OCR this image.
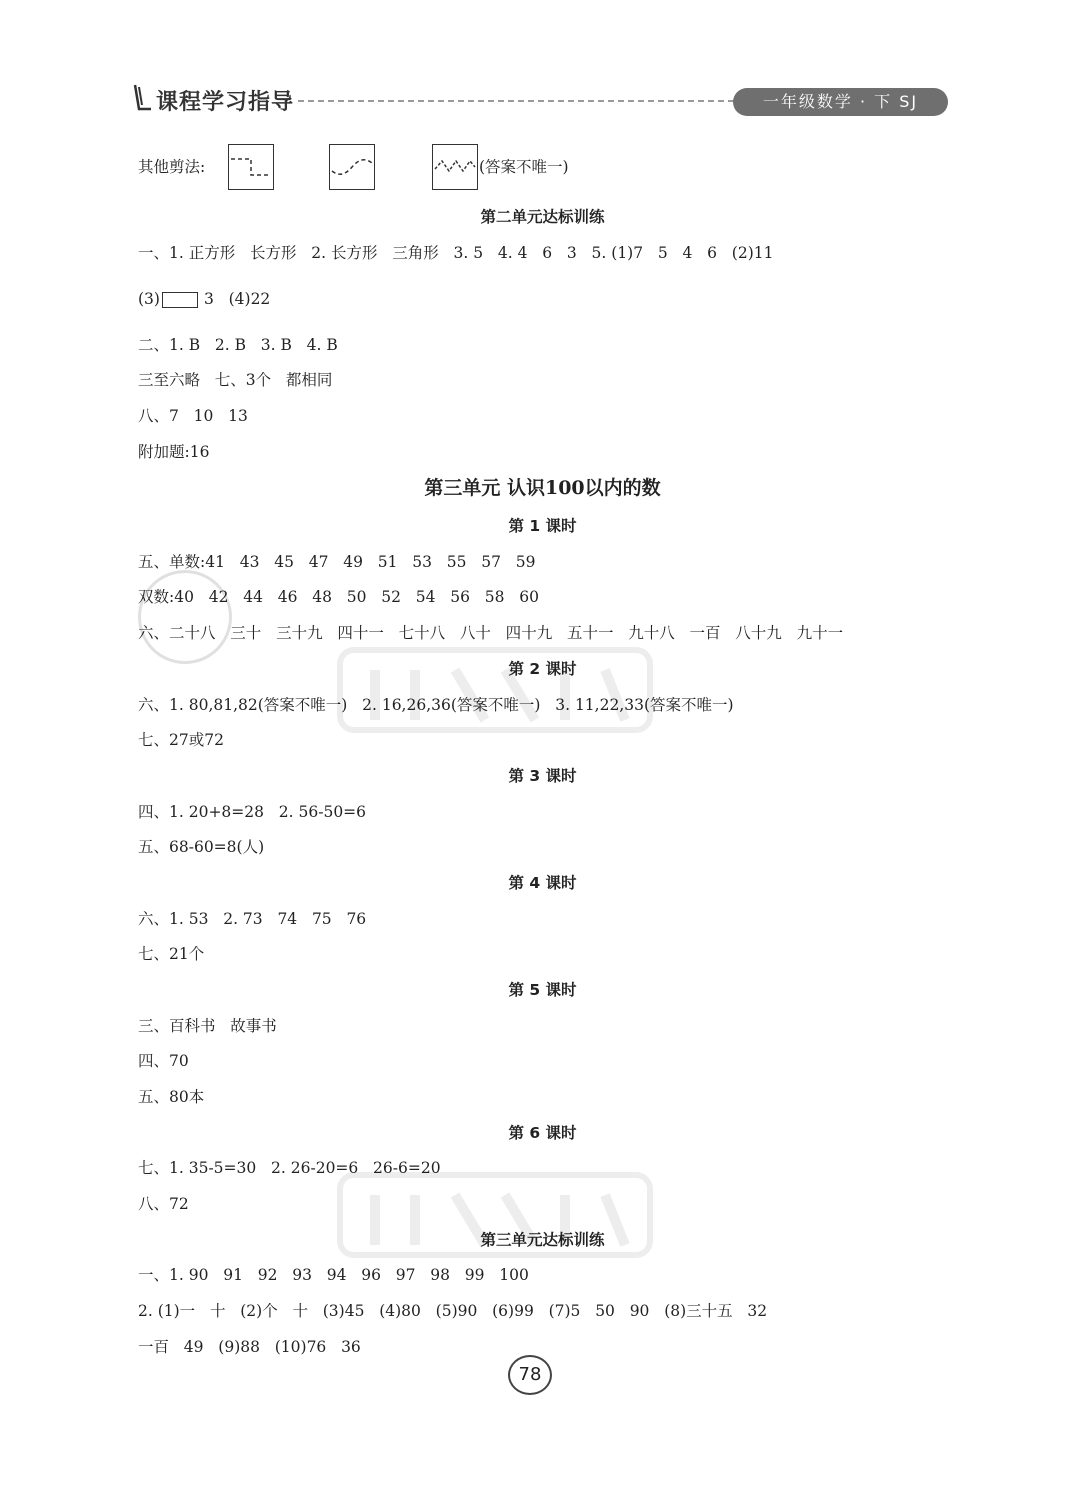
课程学习指导	一年级数学 · 下 SJ
其他剪法:	(答案不唯一)
第二单元达标训练
一、1. 正方形   长方形   2. 长方形   三角形   3. 5   4. 4   6   3   5. (1)7   5   4   6   (2)11
(3)	3   (4)22
二、1. B   2. B   3. B   4. B
三至六略   七、3个   都相同
八、7   10   13
附加题:16
第三单元 认识100以内的数
第 1 课时
五、单数:41   43   45   47   49   51   53   55   57   59
双数:40   42   44   46   48   50   52   54   56   58   60
六、二十八   三十   三十九   四十一   七十八   八十   四十九   五十一   九十八   一百   八十九   九十一
第 2 课时
六、1. 80,81,82(答案不唯一)   2. 16,26,36(答案不唯一)   3. 11,22,33(答案不唯一)
七、27或72
第 3 课时
四、1. 20+8=28   2. 56-50=6
五、68-60=8(人)
第 4 课时
六、1. 53   2. 73   74   75   76
七、21个
第 5 课时
三、百科书   故事书
四、70
五、80本
第 6 课时
七、1. 35-5=30   2. 26-20=6   26-6=20
八、72
第三单元达标训练
一、1. 90   91   92   93   94   96   97   98   99   100
2. (1)一   十   (2)个   十   (3)45   (4)80   (5)90   (6)99   (7)5   50   90   (8)三十五   32
一百   49   (9)88   (10)76   36
78
